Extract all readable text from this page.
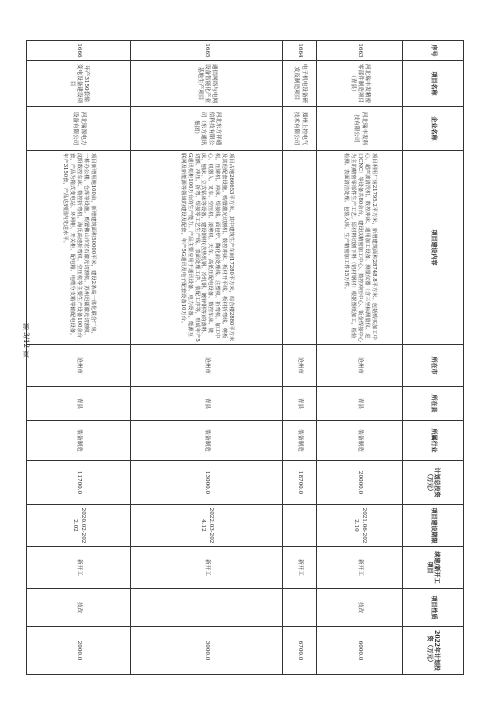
序号	项目名称	企业名称	项目建设内容	所在市	所在县	所属行业	计划总投资（万元）	项目建设期限	续建/新开工项目	项目性质	2022年计划投资（万元）
1663	河北瑞丰发精密零部件制造项目（青县）	河北瑞丰发科技有限公司	项目利用厂房21795.2平方米，新增建筑面积28748.8平方米。包括购买加工中心、超声波清洗机、数控冲床、通用加工设备、测量仪器（含三坐标测量仪、进口CNC）等设备共80余台，建设以精密加工中心、数控冲压中心、钣金焊接中心为主的精密零部件生产工艺。原材料切割下料（铝材钢材）根据图纸加工，检验检测、表面清洁处理、包装入库。生产精密加工件15万件。	沧州市	青县	装备制造	20000.0	2021.06-2022.10	新开工	技改	6000.0
1664	电子机电设备研发及制造项目	郑州上控电气技术有限公司		沧州市	青县	装备制造	18700.0		新开工		6700.0
1665	通信网络与电网设备智能化产业基地生产项目	河北东方祥通信科技有限公司（东方通讯集团）	项目占地266653平方米，其中建筑生产车间17280平方米，综合楼2880平方米及其他配套设施。购置激光切割机、数控冲床、板材开平线、板材折弯线、剪板机、压铆机、冲床、焊接线、面包炉、陶化前处理线、注塑机、折弯机、加工中心、机器人、叉车、空压机、滚剪机、天车、高低压配电设备、数控车床、铣床、刨床、立式钻床等设备，建设钢材(含热轧钢、冷轧钢、镀锌钢等)的落料、切割、冲压、折弯、焊接等工艺生产线、表面处理工序、装配工序等，形成年产5G通讯机柜100万台的生产能力。产品主要应用于通讯设备、电力设备，能源互联网及新能源等领域的建设及配套，年产5G通讯及电子配套设备10万台。	沧州市	青县	装备制造	13000.0	2022.03-2024.12	新开工		3000.0
1666	年产3150套输变电设备建设项目	河北瑞源电力设备有限公司	项目新增用地100亩，新增建筑面积50000平米，建设2条高一体化联合厂房，一栋办公楼，仓库等设施。购置佛山市宏石激光切割机、苏州迅镭激光切割机、沈阳数控车床、数控折弯机、海氏高速折弯机、空压机等主要生产设备100余台套，产品为箱式变电站、环网柜、开关柜、配电箱、电缆分支箱等输配电设备，年产3150套，产品达到国内先进水平。	沧州市	青县	装备制造	11700.0	2020.02-2022.02	新开工	技改	2000.0
第 3/12 页
